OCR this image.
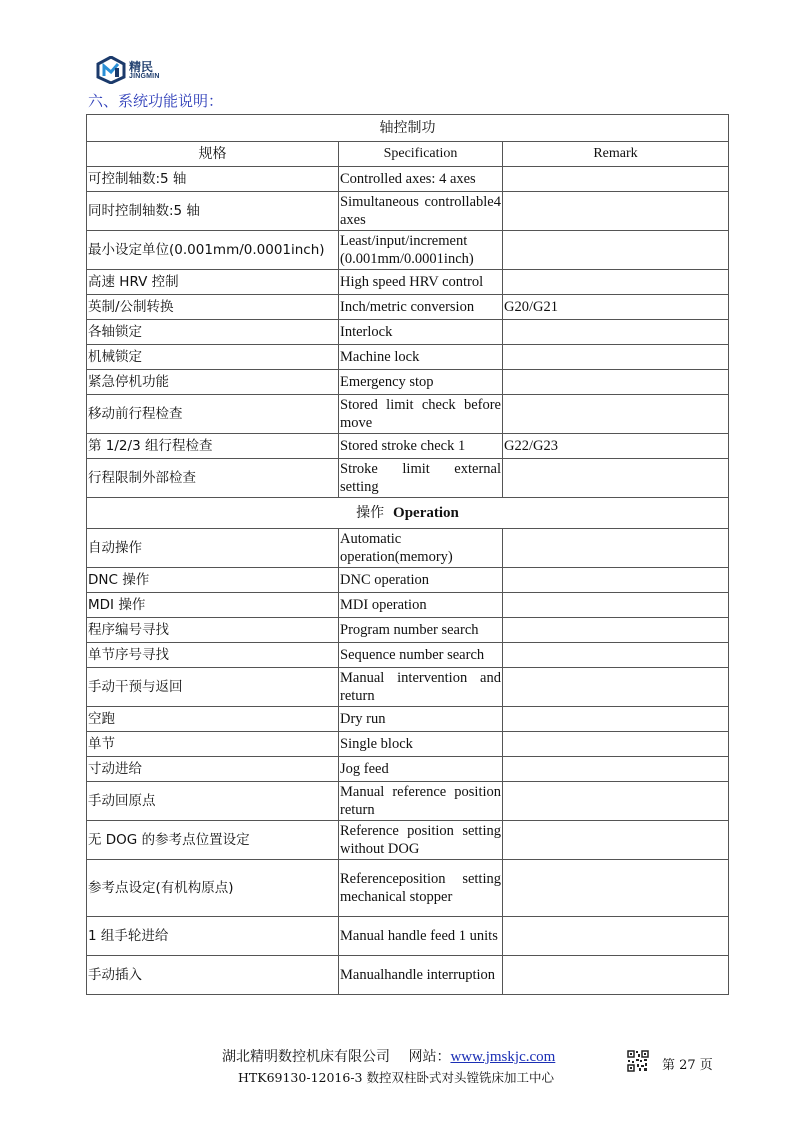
精民
JINGMIN
六、系统功能说明：
轴控制功		
规格	Specification	Remark
可控制轴数:5 轴	Controlled axes: 4 axes	
同时控制轴数:5 轴	Simultaneous controllable4 axes	
最小设定单位(0.001mm/0.0001inch)	Least/input/increment (0.001mm/0.0001inch)	
高速 HRV 控制	High speed HRV control	
英制/公制转换	Inch/metric conversion	G20/G21
各轴锁定	Interlock	
机械锁定	Machine lock	
紧急停机功能	Emergency stop	
移动前行程检查	Stored limit check before move	
第 1/2/3 组行程检查	Stored stroke check 1	G22/G23
行程限制外部检查	Stroke limit external setting	
操作 Operation		
自动操作	Automatic operation(memory)	
DNC 操作	DNC operation	
MDI 操作	MDI operation	
程序编号寻找	Program number search	
单节序号寻找	Sequence number search	
手动干预与返回	Manual intervention and return	
空跑	Dry run	
单节	Single block	
寸动进给	Jog feed	
手动回原点	Manual reference position return	
无 DOG 的参考点位置设定	Reference position setting without DOG	
参考点设定(有机构原点)	Referenceposition setting mechanical stopper	
1 组手轮进给	Manual handle feed 1 units	
手动插入	Manualhandle interruption	
湖北精明数控机床有限公司 网站：www.jmskjc.com
HTK69130-12016-3 数控双柱卧式对头镗铣床加工中心
第 27 页
